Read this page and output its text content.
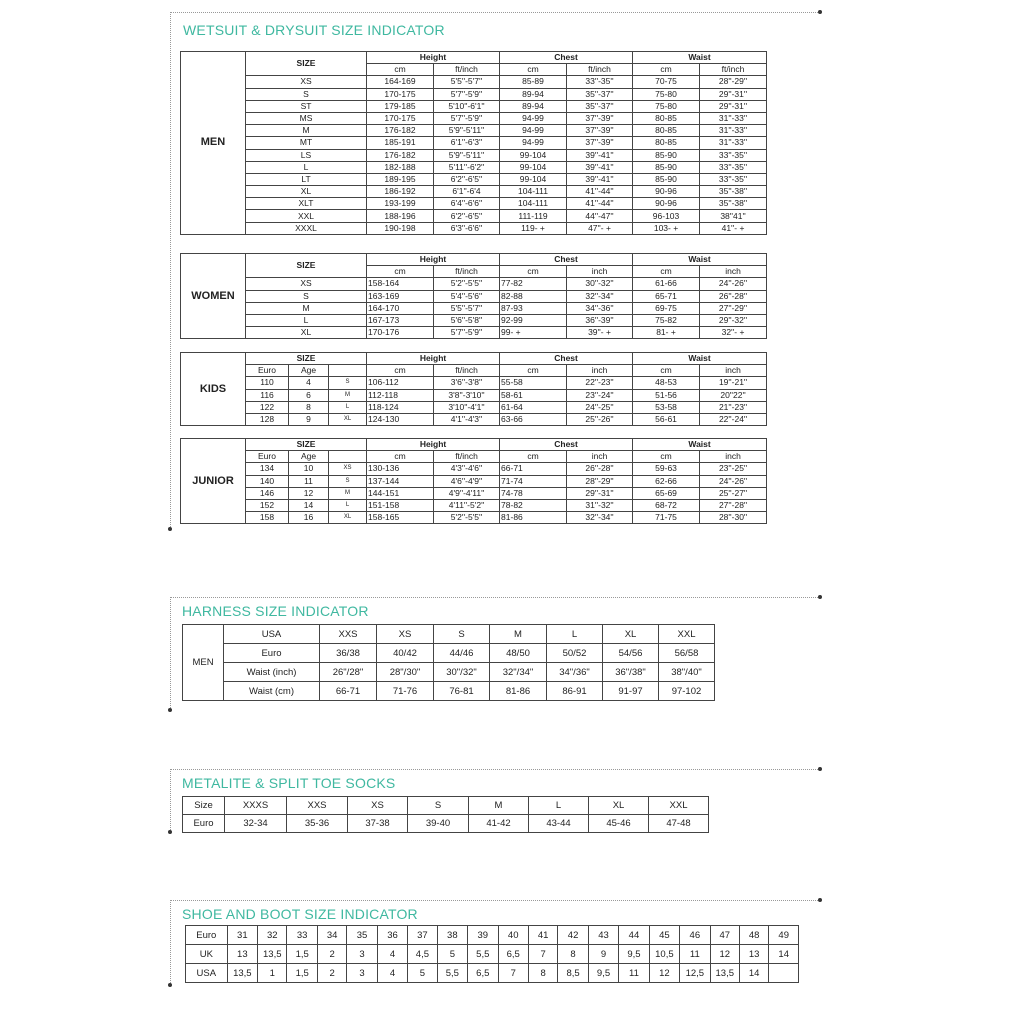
WETSUIT & DRYSUIT SIZE INDICATOR
MEN	SIZE	Height		Chest		Waist	
		cm	ft/inch	cm	ft/inch	cm	ft/inch
	XS	164-169	5'5''-5'7''	85-89	33''-35''	70-75	28''-29''
	S	170-175	5'7''-5'9''	89-94	35''-37''	75-80	29''-31''
	ST	179-185	5'10''-6'1''	89-94	35''-37''	75-80	29''-31''
	MS	170-175	5'7''-5'9''	94-99	37''-39''	80-85	31''-33''
	M	176-182	5'9''-5'11''	94-99	37''-39''	80-85	31''-33''
	MT	185-191	6'1''-6'3''	94-99	37''-39''	80-85	31''-33''
	LS	176-182	5'9''-5'11''	99-104	39''-41''	85-90	33''-35''
	L	182-188	5'11''-6'2''	99-104	39''-41''	85-90	33''-35''
	LT	189-195	6'2''-6'5''	99-104	39''-41''	85-90	33''-35''
	XL	186-192	6'1''-6'4	104-111	41''-44''	90-96	35''-38''
	XLT	193-199	6'4''-6'6''	104-111	41''-44''	90-96	35''-38''
	XXL	188-196	6'2''-6'5''	111-119	44''-47''	96-103	38''41''
	XXXL	190-198	6'3''-6'6''	119- +	47''- +	103- +	41''- +
WOMEN	SIZE	Height		Chest		Waist	
		cm	ft/inch	cm	inch	cm	inch
	XS	158-164	5'2''-5'5''	77-82	30''-32''	61-66	24''-26''
	S	163-169	5'4''-5'6''	82-88	32''-34''	65-71	26''-28''
	M	164-170	5'5''-5'7''	87-93	34''-36''	69-75	27''-29''
	L	167-173	5'6''-5'8''	92-99	36''-39''	75-82	29''-32''
	XL	170-176	5'7''-5'9''	99- +	39''- +	81- +	32''- +
KIDS	SIZE			Height		Chest		Waist	
	Euro	Age		cm	ft/inch	cm	inch	cm	inch
	110	4	S	106-112	3'6''-3'8''	55-58	22''-23''	48-53	19''-21''
	116	6	M	112-118	3'8''-3'10''	58-61	23''-24''	51-56	20''22''
	122	8	L	118-124	3'10''-4'1''	61-64	24''-25''	53-58	21''-23''
	128	9	XL	124-130	4'1''-4'3''	63-66	25''-26''	56-61	22''-24''
JUNIOR	SIZE			Height		Chest		Waist	
	Euro	Age		cm	ft/inch	cm	inch	cm	inch
	134	10	XS	130-136	4'3''-4'6''	66-71	26''-28''	59-63	23''-25''
	140	11	S	137-144	4'6''-4'9''	71-74	28''-29''	62-66	24''-26''
	146	12	M	144-151	4'9''-4'11''	74-78	29''-31''	65-69	25''-27''
	152	14	L	151-158	4'11''-5'2''	78-82	31''-32''	68-72	27''-28''
	158	16	XL	158-165	5'2''-5'5''	81-86	32''-34''	71-75	28''-30''
HARNESS SIZE INDICATOR
MEN	USA	XXS	XS	S	M	L	XL	XXL
	Euro	36/38	40/42	44/46	48/50	50/52	54/56	56/58
	Waist (inch)	26"/28"	28"/30"	30"/32"	32"/34"	34"/36"	36"/38"	38"/40"
	Waist (cm)	66-71	71-76	76-81	81-86	86-91	91-97	97-102
METALITE & SPLIT TOE SOCKS
Size	XXXS	XXS	XS	S	M	L	XL	XXL
Euro	32-34	35-36	37-38	39-40	41-42	43-44	45-46	47-48
SHOE AND BOOT SIZE INDICATOR
Euro	31	32	33	34	35	36	37	38	39	40	41	42	43	44	45	46	47	48	49
UK	13	13,5	1,5	2	3	4	4,5	5	5,5	6,5	7	8	9	9,5	10,5	11	12	13	14
USA	13,5	1	1,5	2	3	4	5	5,5	6,5	7	8	8,5	9,5	11	12	12,5	13,5	14	
